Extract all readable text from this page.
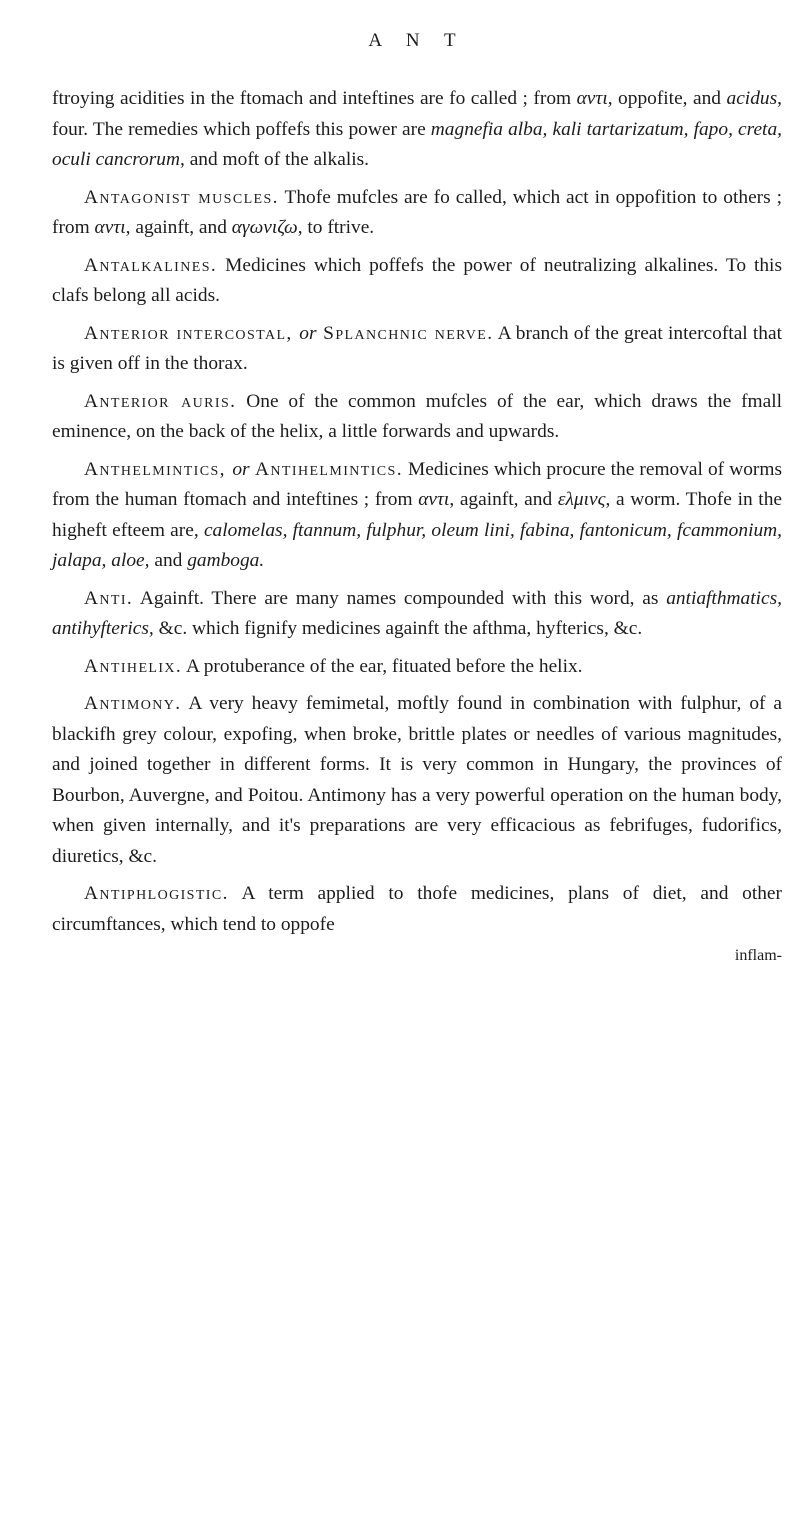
A N T

ftroying acidities in the ftomach and inteftines are fo called ; from αντι, oppofite, and acidus, four. The remedies which poffefs this power are magnefia alba, kali tartarizatum, fapo, creta, oculi cancrorum, and moft of the alkalis.

Antagonist muscles. Thofe mufcles are fo called, which act in oppofition to others ; from αντι, againft, and αγωνιζω, to ftrive.

Antalkalines. Medicines which poffefs the power of neutralizing alkalines. To this clafs belong all acids.

Anterior intercostal, or Splanchnic nerve. A branch of the great intercoftal that is given off in the thorax.

Anterior auris. One of the common mufcles of the ear, which draws the fmall eminence, on the back of the helix, a little forwards and upwards.

Anthelmintics, or Antihelmintics. Medicines which procure the removal of worms from the human ftomach and inteftines ; from αντι, againft, and ελμινς, a worm. Thofe in the higheft efteem are, calomelas, ftannum, fulphur, oleum lini, fabina, fantonicum, fcammonium, jalapa, aloe, and gamboga.

Anti. Againft. There are many names compounded with this word, as antiafthmatics, antihyfterics, &c. which fignify medicines againft the afthma, hyfterics, &c.

Antihelix. A protuberance of the ear, fituated before the helix.

Antimony. A very heavy femimetal, moftly found in combination with fulphur, of a blackifh grey colour, expofing, when broke, brittle plates or needles of various magnitudes, and joined together in different forms. It is very common in Hungary, the provinces of Bourbon, Auvergne, and Poitou. Antimony has a very powerful operation on the human body, when given internally, and it's preparations are very efficacious as febrifuges, fudorifics, diuretics, &c.

Antiphlogistic. A term applied to thofe medicines, plans of diet, and other circumftances, which tend to oppofe

inflam-
